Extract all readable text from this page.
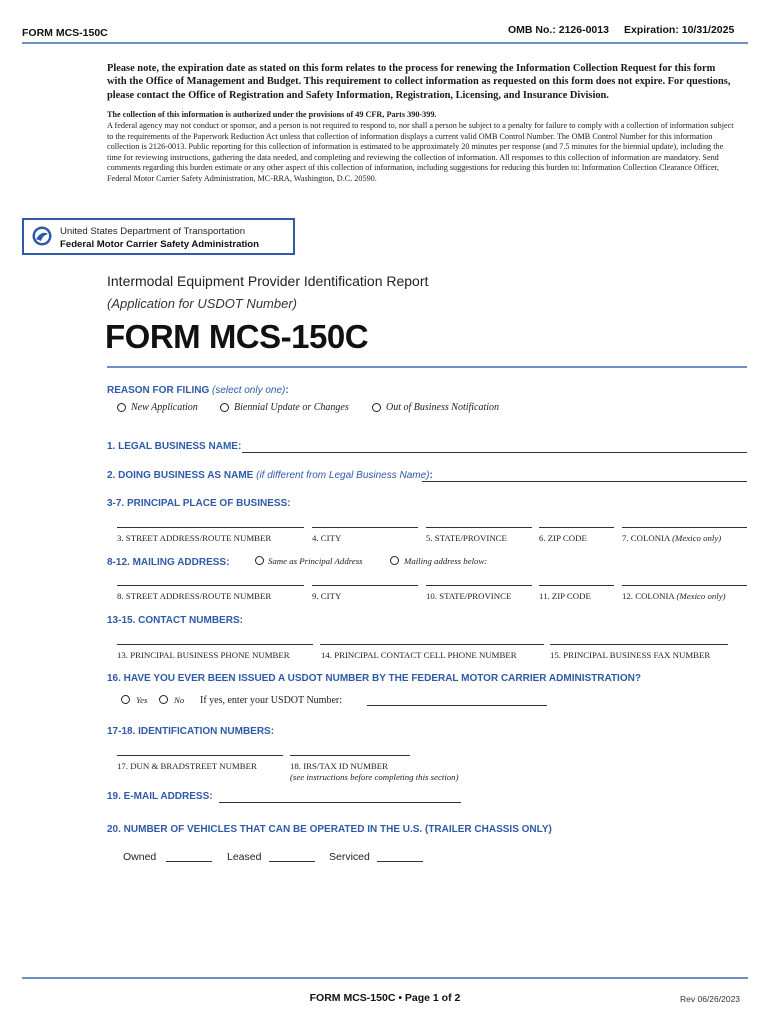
FORM MCS-150C	OMB No.: 2126-0013 Expiration: 10/31/2025
Please note, the expiration date as stated on this form relates to the process for renewing the Information Collection Request for this form with the Office of Management and Budget. This requirement to collect information as requested on this form does not expire. For questions, please contact the Office of Registration and Safety Information, Registration, Licensing, and Insurance Division.
The collection of this information is authorized under the provisions of 49 CFR, Parts 390-399.
A federal agency may not conduct or sponsor, and a person is not required to respond to, nor shall a person be subject to a penalty for failure to comply with a collection of information subject to the requirements of the Paperwork Reduction Act unless that collection of information displays a current valid OMB Control Number. The OMB Control Number for this information collection is 2126-0013. Public reporting for this collection of information is estimated to be approximately 20 minutes per response (and 7.5 minutes for the biennial update), including the time for reviewing instructions, gathering the data needed, and completing and reviewing the collection of information. All responses to this collection of information are mandatory. Send comments regarding this burden estimate or any other aspect of this collection of information, including suggestions for reducing this burden to: Information Collection Clearance Officer, Federal Motor Carrier Safety Administration, MC-RRA, Washington, D.C. 20590.
United States Department of Transportation
Federal Motor Carrier Safety Administration
Intermodal Equipment Provider Identification Report
(Application for USDOT Number)
FORM MCS-150C
REASON FOR FILING (select only one):
New Application	Biennial Update or Changes	Out of Business Notification
1. LEGAL BUSINESS NAME:
2. DOING BUSINESS AS NAME (if different from Legal Business Name):
3-7. PRINCIPAL PLACE OF BUSINESS:
3. STREET ADDRESS/ROUTE NUMBER	4. CITY	5. STATE/PROVINCE	6. ZIP CODE	7. COLONIA (Mexico only)
8-12. MAILING ADDRESS:	Same as Principal Address	Mailing address below:
8. STREET ADDRESS/ROUTE NUMBER	9. CITY	10. STATE/PROVINCE	11. ZIP CODE	12. COLONIA (Mexico only)
13-15. CONTACT NUMBERS:
13. PRINCIPAL BUSINESS PHONE NUMBER	14. PRINCIPAL CONTACT CELL PHONE NUMBER	15. PRINCIPAL BUSINESS FAX NUMBER
16. HAVE YOU EVER BEEN ISSUED A USDOT NUMBER BY THE FEDERAL MOTOR CARRIER ADMINISTRATION?
Yes	No If yes, enter your USDOT Number:
17-18. IDENTIFICATION NUMBERS:
17. DUN & BRADSTREET NUMBER	18. IRS/TAX ID NUMBER
(see instructions before completing this section)
19. E-MAIL ADDRESS:
20. NUMBER OF VEHICLES THAT CAN BE OPERATED IN THE U.S. (TRAILER CHASSIS ONLY)
Owned	Leased	Serviced
FORM MCS-150C • Page 1 of 2	Rev 06/26/2023
